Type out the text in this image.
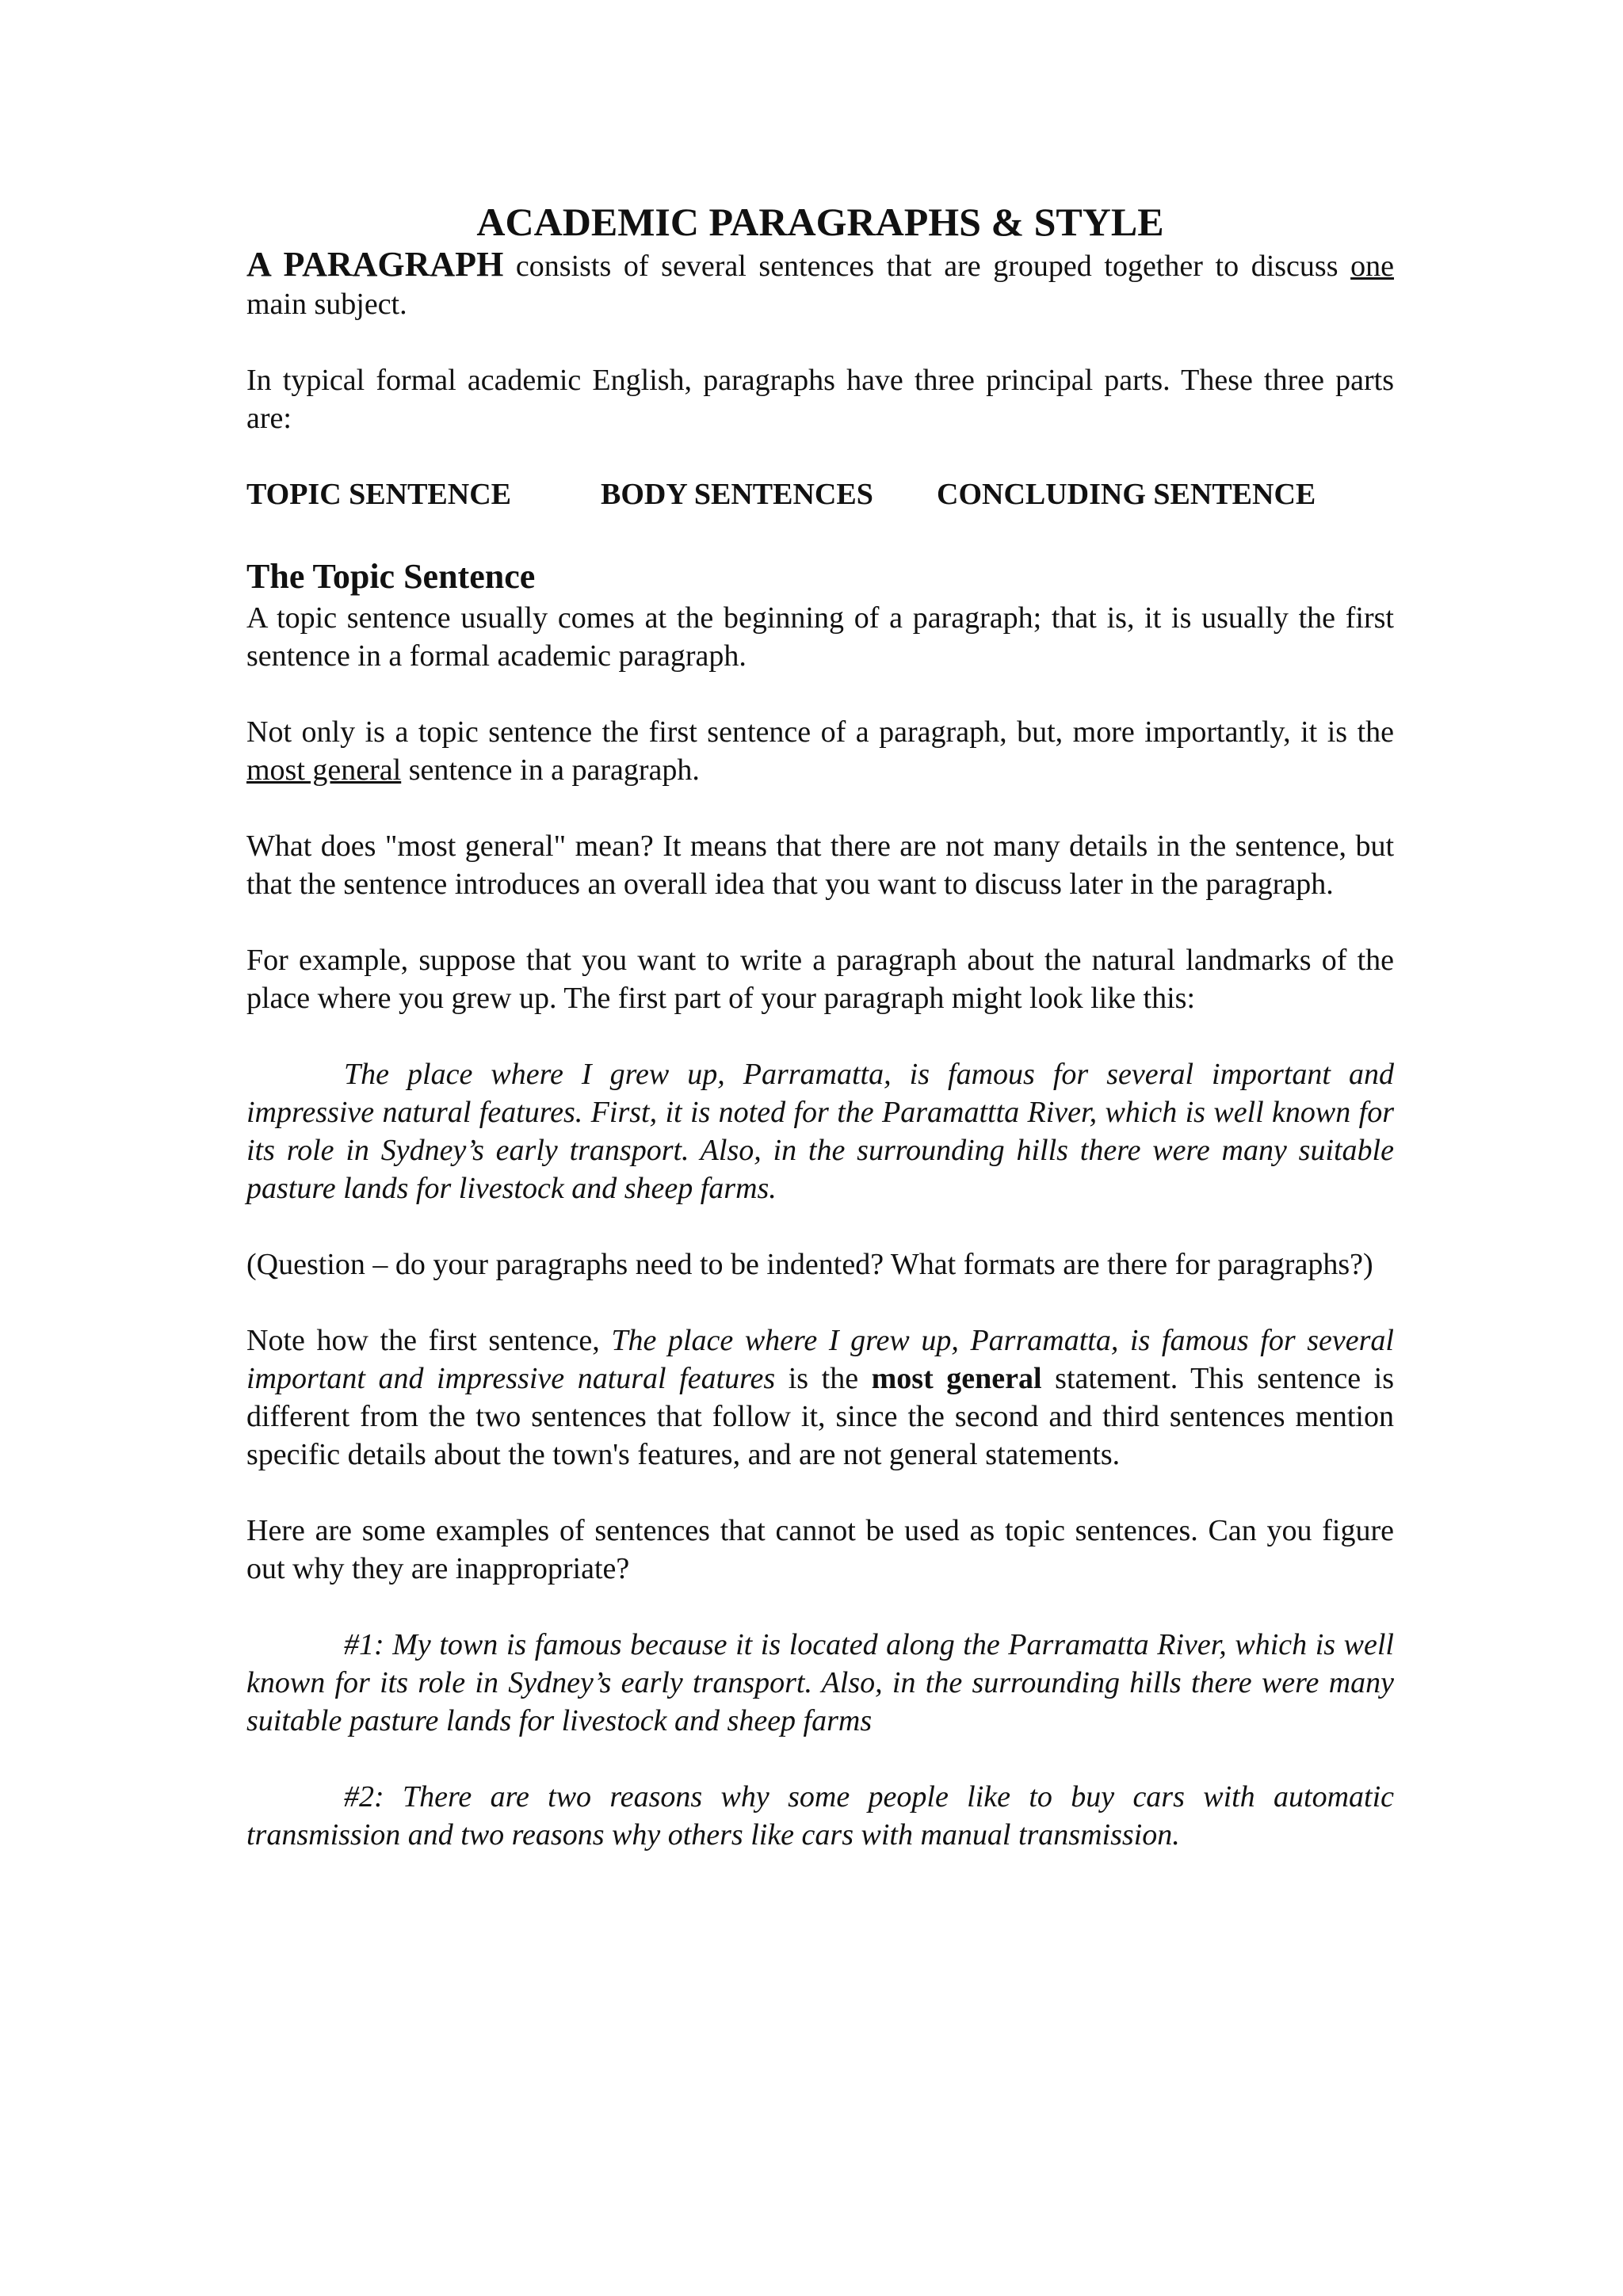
ACADEMIC PARAGRAPHS & STYLE

A PARAGRAPH consists of several sentences that are grouped together to discuss one main subject.

In typical formal academic English, paragraphs have three principal parts. These three parts are:

TOPIC SENTENCE	BODY SENTENCES	CONCLUDING SENTENCE

The Topic Sentence

A topic sentence usually comes at the beginning of a paragraph; that is, it is usually the first sentence in a formal academic paragraph.

Not only is a topic sentence the first sentence of a paragraph, but, more importantly, it is the most general sentence in a paragraph.

What does "most general" mean? It means that there are not many details in the sentence, but that the sentence introduces an overall idea that you want to discuss later in the paragraph.

For example, suppose that you want to write a paragraph about the natural landmarks of the place where you grew up. The first part of your paragraph might look like this:

The place where I grew up, Parramatta, is famous for several important and impressive natural features. First, it is noted for the Paramattta River, which is well known for its role in Sydney’s early transport. Also, in the surrounding hills there were many suitable pasture lands for livestock and sheep farms.

(Question – do your paragraphs need to be indented? What formats are there for paragraphs?)

Note how the first sentence, The place where I grew up, Parramatta, is famous for several important and impressive natural features is the most general statement. This sentence is different from the two sentences that follow it, since the second and third sentences mention specific details about the town's features, and are not general statements.

Here are some examples of sentences that cannot be used as topic sentences. Can you figure out why they are inappropriate?

#1: My town is famous because it is located along the Parramatta River, which is well known for its role in Sydney’s early transport. Also, in the surrounding hills there were many suitable pasture lands for livestock and sheep farms

#2: There are two reasons why some people like to buy cars with automatic transmission and two reasons why others like cars with manual transmission.
